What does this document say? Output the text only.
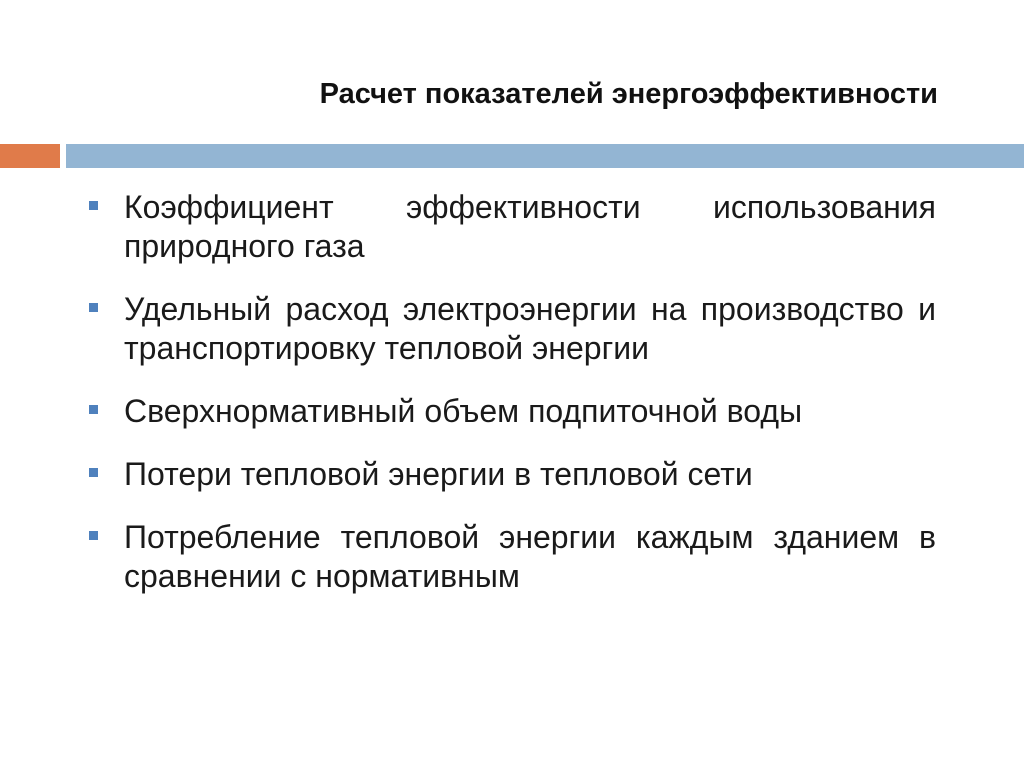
Расчет показателей энергоэффективности
Коэффициент эффективности использования природного газа
Удельный расход электроэнергии на производство и транспортировку тепловой энергии
Сверхнормативный объем подпиточной воды
Потери тепловой энергии в тепловой сети
Потребление тепловой энергии каждым зданием в сравнении с нормативным
